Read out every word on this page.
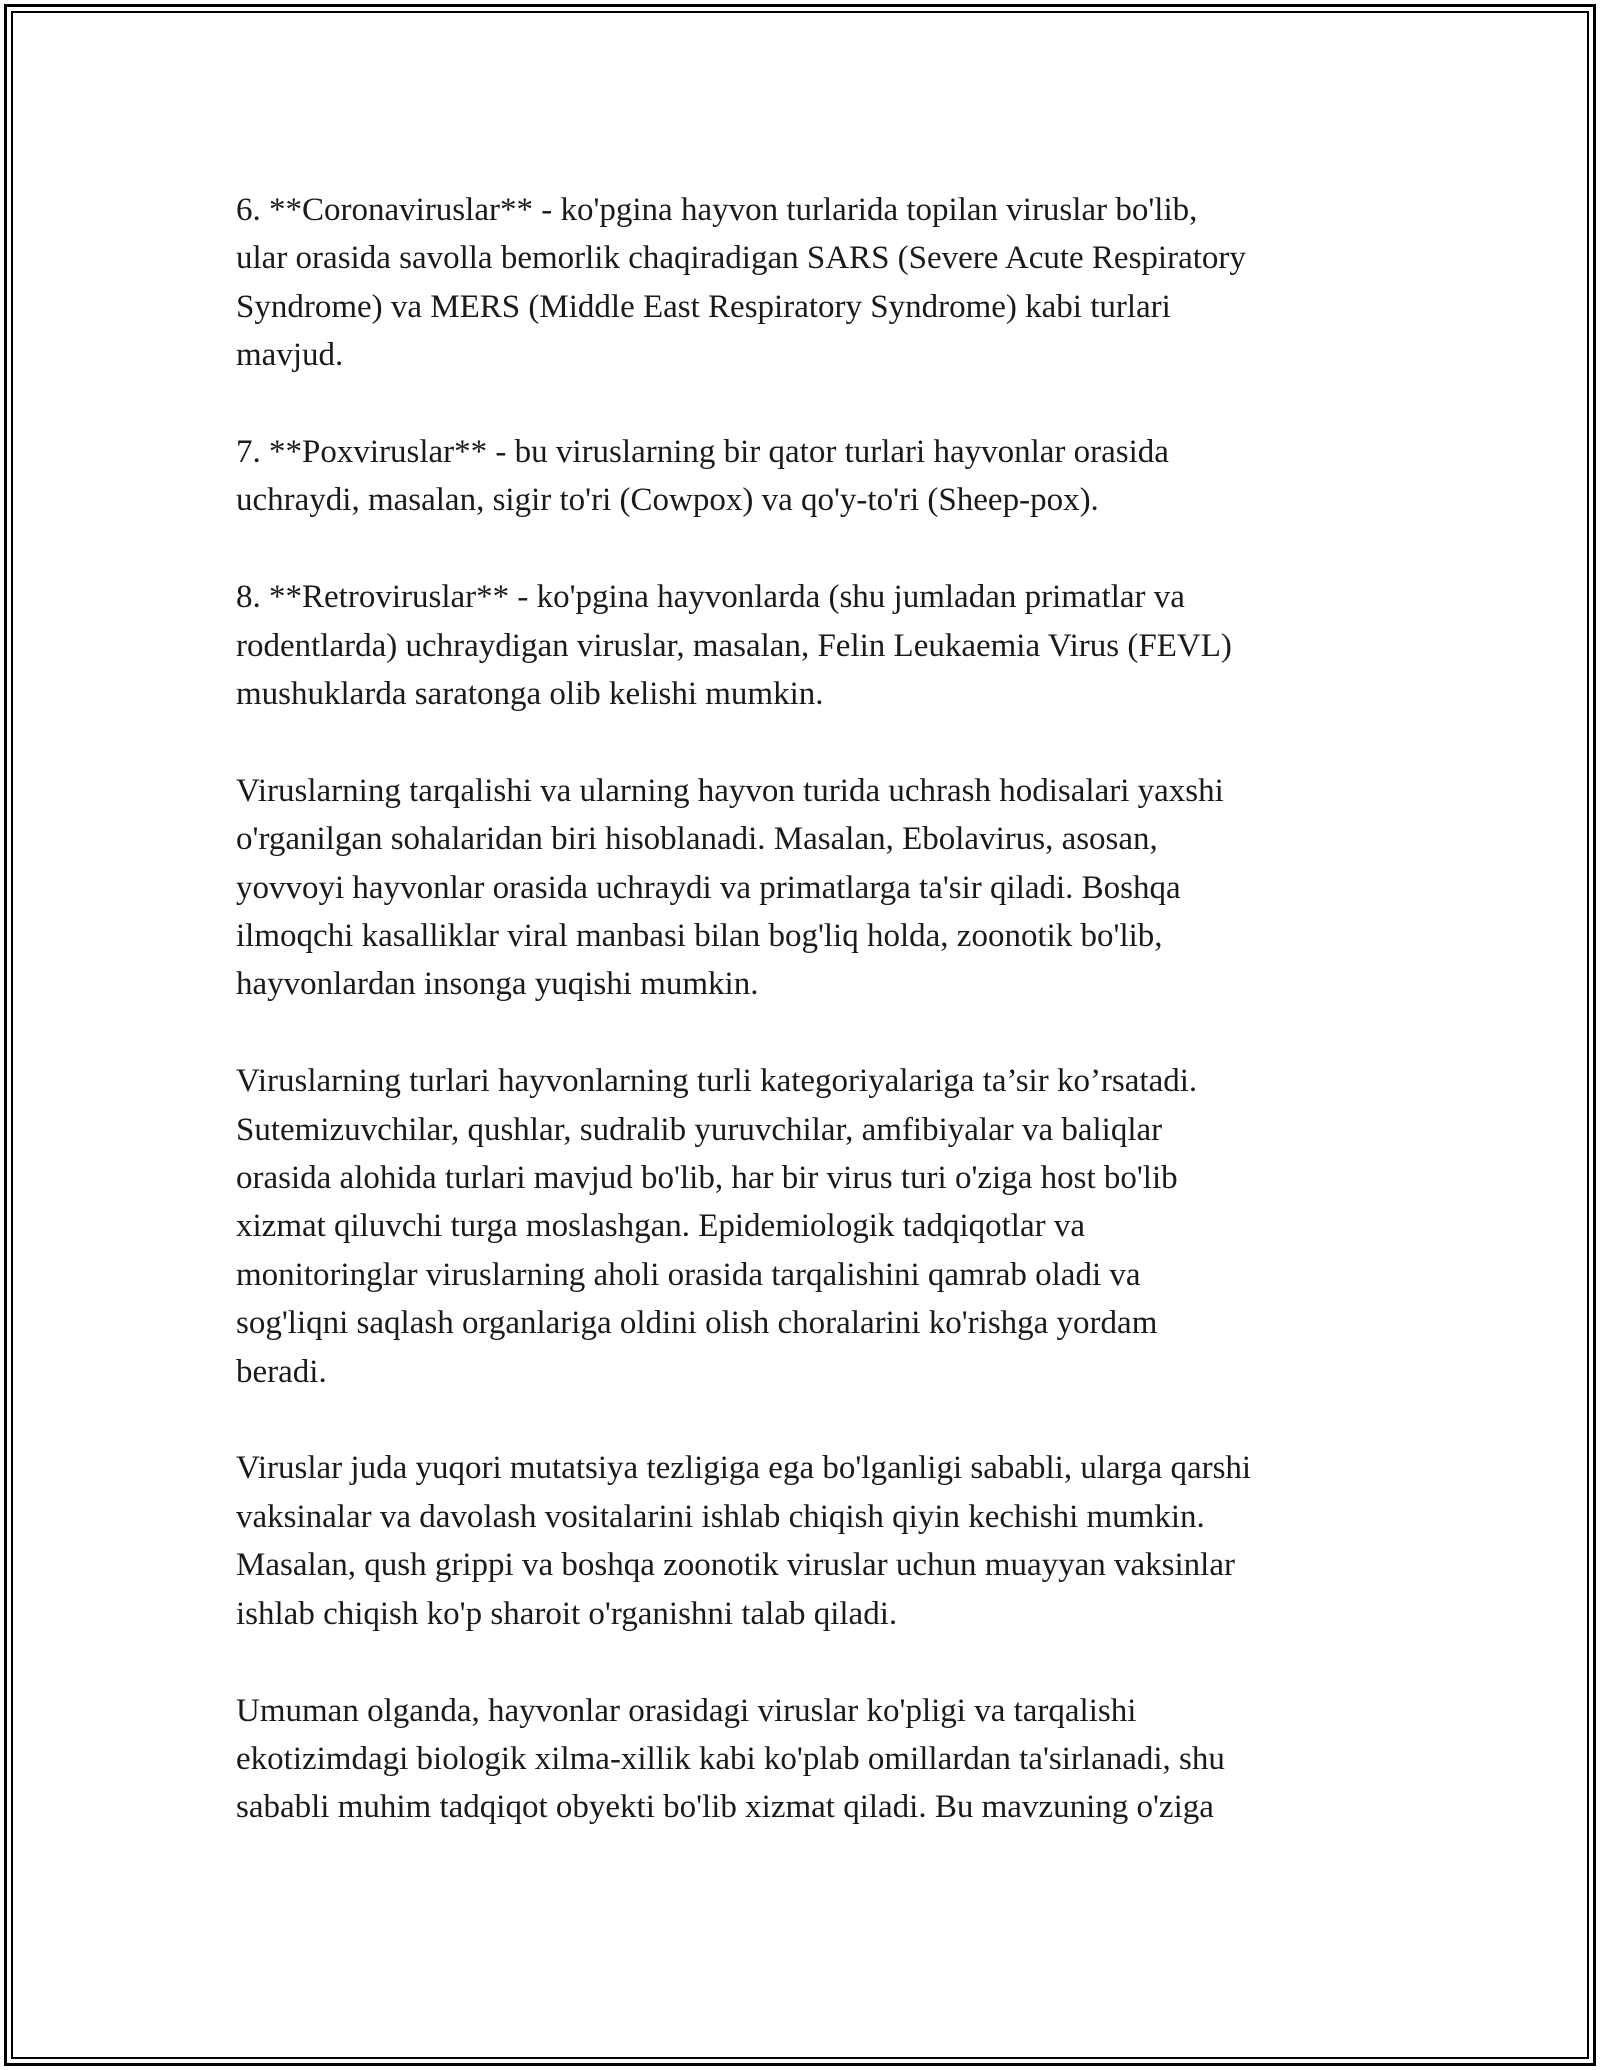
6. **Coronaviruslar** - ko'pgina hayvon turlarida topilan viruslar bo'lib,
ular orasida savolla bemorlik chaqiradigan SARS (Severe Acute Respiratory
Syndrome) va MERS (Middle East Respiratory Syndrome) kabi turlari
mavjud.

7. **Poxviruslar** - bu viruslarning bir qator turlari hayvonlar orasida
uchraydi, masalan, sigir to'ri (Cowpox) va qo'y-to'ri (Sheep-pox).

8. **Retroviruslar** - ko'pgina hayvonlarda (shu jumladan primatlar va
rodentlarda) uchraydigan viruslar, masalan, Felin Leukaemia Virus (FEVL)
mushuklarda saratonga olib kelishi mumkin.

Viruslarning tarqalishi va ularning hayvon turida uchrash hodisalari yaxshi
o'rganilgan sohalaridan biri hisoblanadi. Masalan, Ebolavirus, asosan,
yovvoyi hayvonlar orasida uchraydi va primatlarga ta'sir qiladi. Boshqa
ilmoqchi kasalliklar viral manbasi bilan bog'liq holda, zoonotik bo'lib,
hayvonlardan insonga yuqishi mumkin.

Viruslarning turlari hayvonlarning turli kategoriyalariga ta’sir ko’rsatadi.
Sutemizuvchilar, qushlar, sudralib yuruvchilar, amfibiyalar va baliqlar
orasida alohida turlari mavjud bo'lib, har bir virus turi o'ziga host bo'lib
xizmat qiluvchi turga moslashgan. Epidemiologik tadqiqotlar va
monitoringlar viruslarning aholi orasida tarqalishini qamrab oladi va
sog'liqni saqlash organlariga oldini olish choralarini ko'rishga yordam
beradi.

Viruslar juda yuqori mutatsiya tezligiga ega bo'lganligi sababli, ularga qarshi
vaksinalar va davolash vositalarini ishlab chiqish qiyin kechishi mumkin.
Masalan, qush grippi va boshqa zoonotik viruslar uchun muayyan vaksinlar
ishlab chiqish ko'p sharoit o'rganishni talab qiladi.

Umuman olganda, hayvonlar orasidagi viruslar ko'pligi va tarqalishi
ekotizimdagi biologik xilma-xillik kabi ko'plab omillardan ta'sirlanadi, shu
sababli muhim tadqiqot obyekti bo'lib xizmat qiladi. Bu mavzuning o'ziga
